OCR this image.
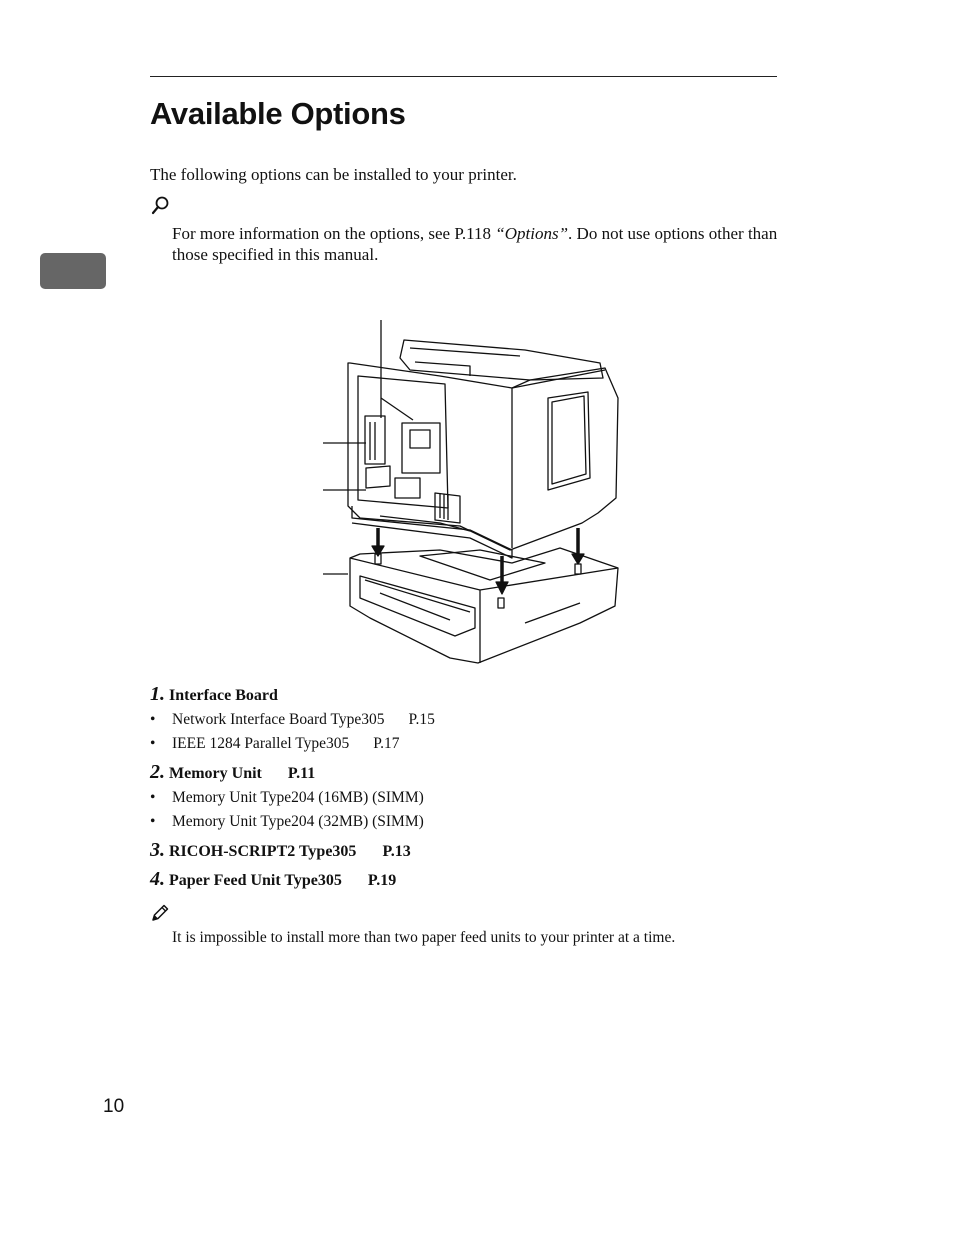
Available Options
The following options can be installed to your printer.
For more information on the options, see P.118 “Options”. Do not use options other than those specified in this manual.
1. Interface Board
• Network Interface Board Type305 P.15
• IEEE 1284 Parallel Type305 P.17
2. Memory Unit P.11
• Memory Unit Type204 (16MB) (SIMM)
• Memory Unit Type204 (32MB) (SIMM)
3. RICOH-SCRIPT2 Type305 P.13
4. Paper Feed Unit Type305 P.19
It is impossible to install more than two paper feed units to your printer at a time.
10
